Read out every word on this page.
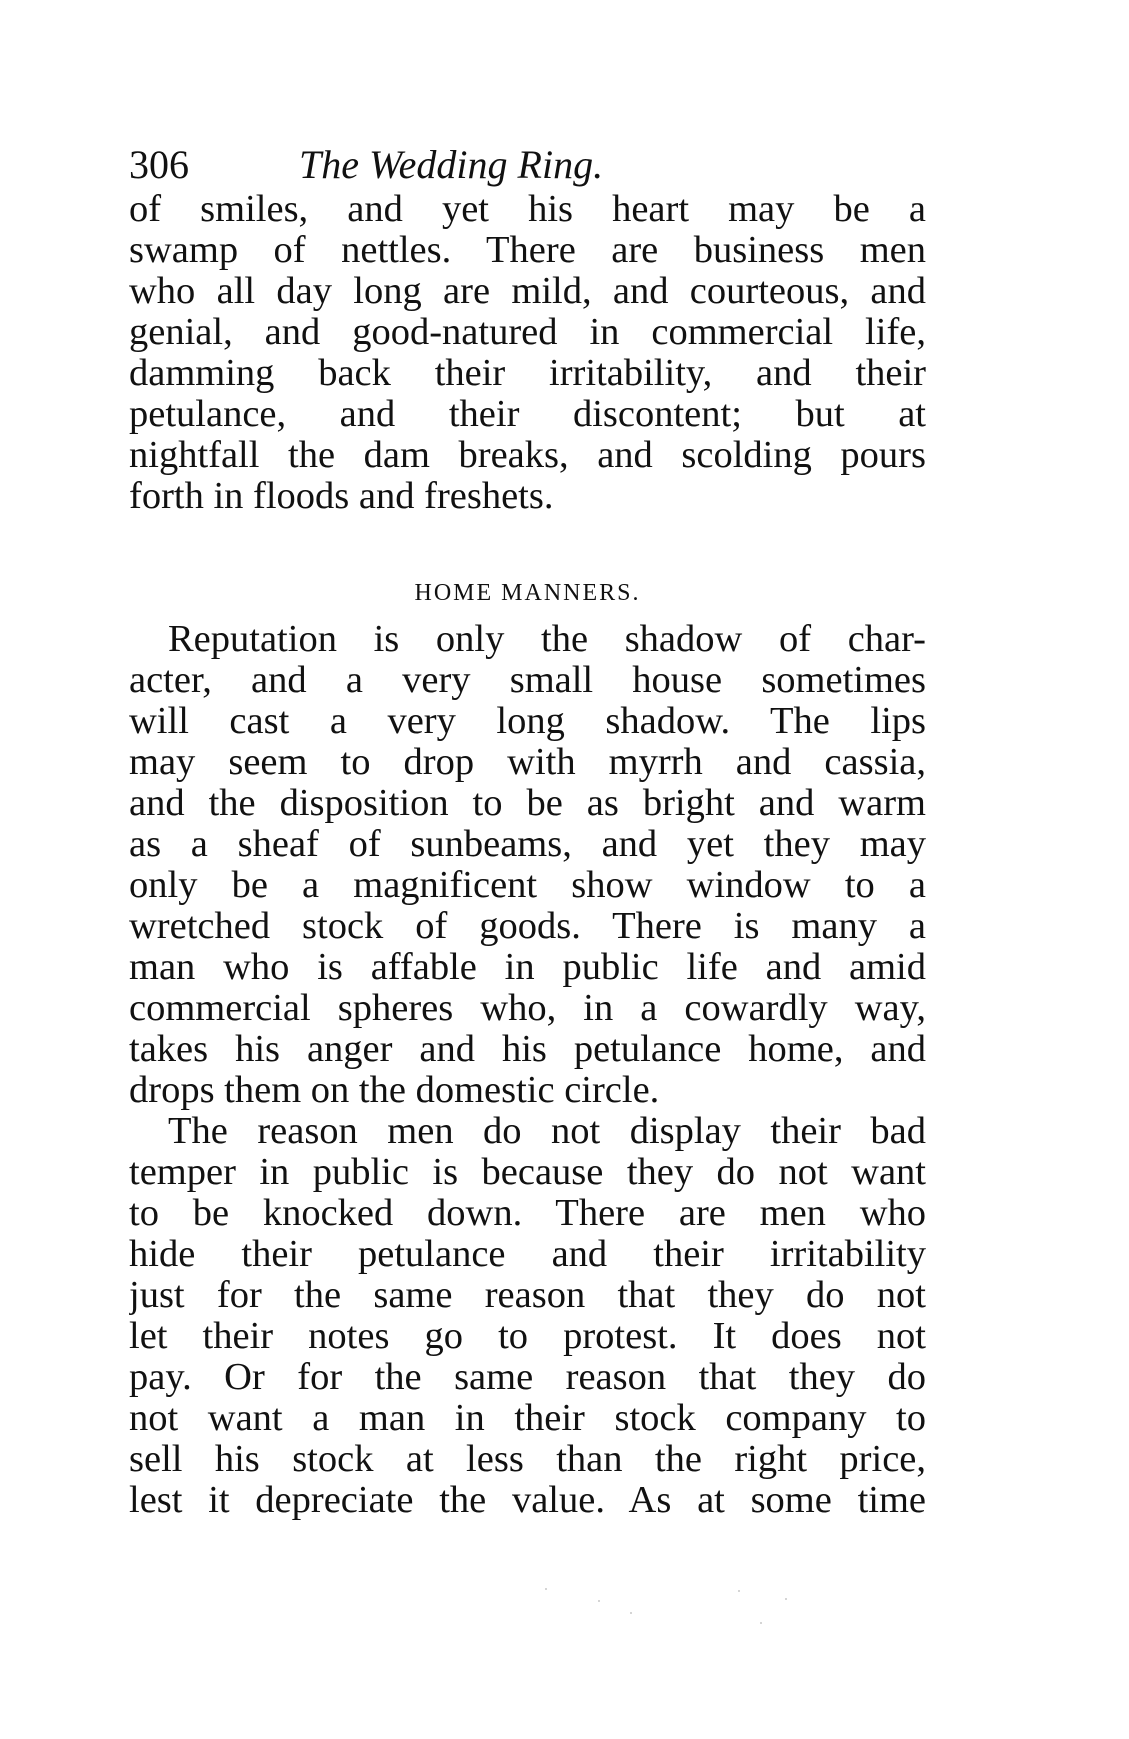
306	The Wedding Ring.
of smiles, and yet his heart may be a
swamp of nettles. There are business men
who all day long are mild, and courteous, and
genial, and good-natured in commercial life,
damming back their irritability, and their
petulance, and their discontent; but at
nightfall the dam breaks, and scolding pours
forth in floods and freshets.
HOME MANNERS.
Reputation is only the shadow of char-
acter, and a very small house sometimes
will cast a very long shadow. The lips
may seem to drop with myrrh and cassia,
and the disposition to be as bright and warm
as a sheaf of sunbeams, and yet they may
only be a magnificent show window to a
wretched stock of goods. There is many a
man who is affable in public life and amid
commercial spheres who, in a cowardly way,
takes his anger and his petulance home, and
drops them on the domestic circle.
The reason men do not display their bad
temper in public is because they do not want
to be knocked down. There are men who
hide their petulance and their irritability
just for the same reason that they do not
let their notes go to protest. It does not
pay. Or for the same reason that they do
not want a man in their stock company to
sell his stock at less than the right price,
lest it depreciate the value. As at some time
